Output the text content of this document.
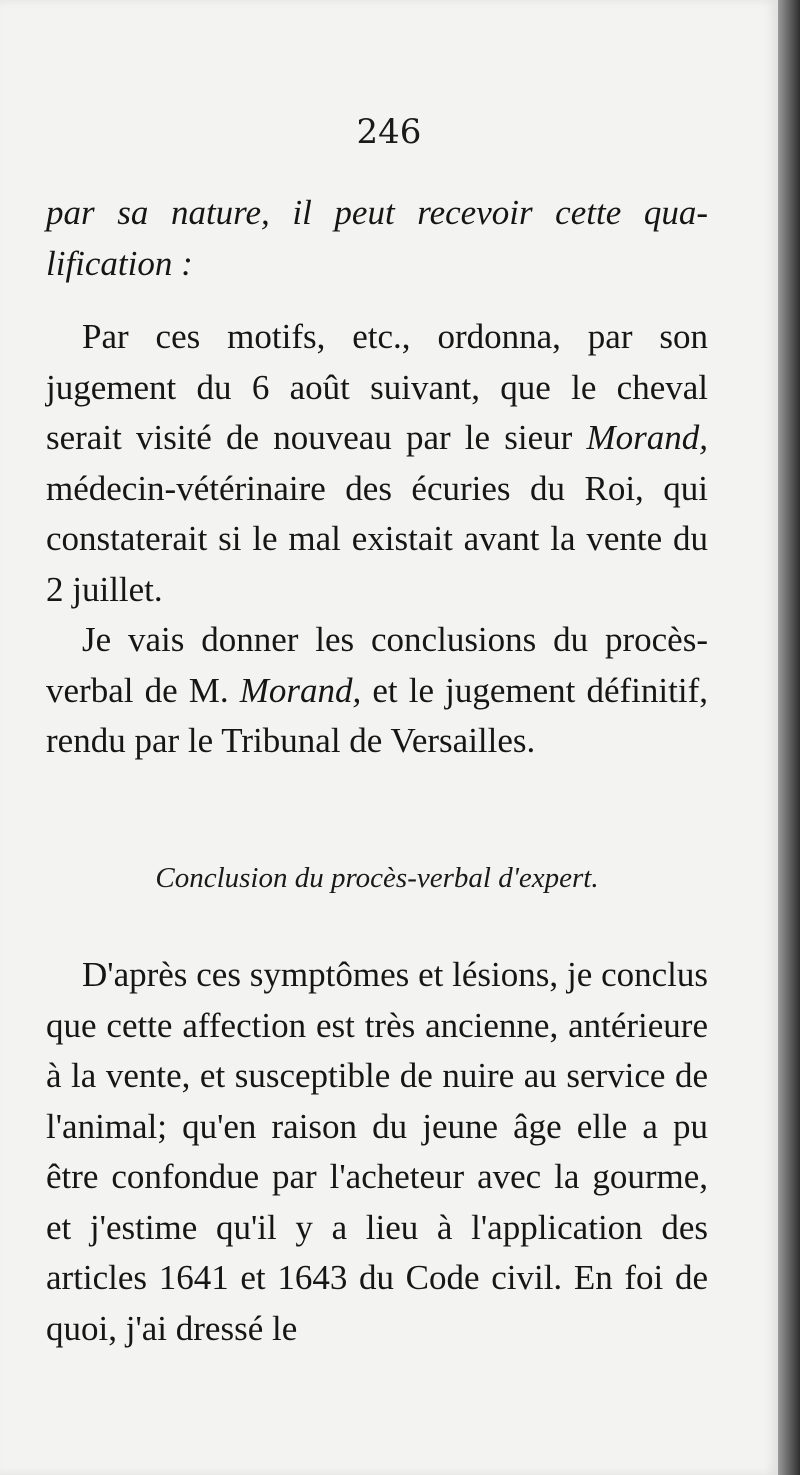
246

par sa nature, il peut recevoir cette qua-lification :

Par ces motifs, etc., ordonna, par son jugement du 6 août suivant, que le cheval serait visité de nouveau par le sieur Morand, médecin-vétérinaire des écuries du Roi, qui constaterait si le mal existait avant la vente du 2 juillet.

Je vais donner les conclusions du procès-verbal de M. Morand, et le jugement définitif, rendu par le Tribunal de Versailles.

Conclusion du procès-verbal d'expert.

D'après ces symptômes et lésions, je conclus que cette affection est très ancienne, antérieure à la vente, et susceptible de nuire au service de l'animal; qu'en raison du jeune âge elle a pu être confondue par l'acheteur avec la gourme, et j'estime qu'il y a lieu à l'application des articles 1641 et 1643 du Code civil. En foi de quoi, j'ai dressé le
